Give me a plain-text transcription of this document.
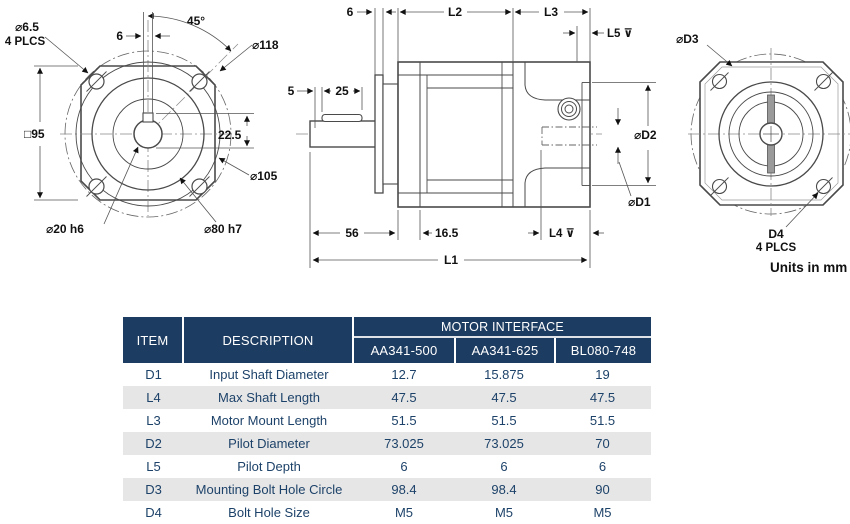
□95	22.5
⌀6.5
4 PLCS
45°
6
⌀118
⌀105
⌀20 h6	⌀80 h7
6	L2	L3
L5 ⊽
5	25
⌀D2
⌀D1
56	16.5	L4 ⊽
L1
⌀D3
D4
4 PLCS
Units in mm
ITEM	DESCRIPTION
MOTOR INTERFACE
AA341-500	AA341-625	BL080-748
D1	Input Shaft Diameter	12.7	15.875	19
L4	Max Shaft Length	47.5	47.5	47.5
L3	Motor Mount Length	51.5	51.5	51.5
D2	Pilot Diameter	73.025	73.025	70
L5	Pilot Depth	6	6	6
D3	Mounting Bolt Hole Circle	98.4	98.4	90
D4	Bolt Hole Size	M5	M5	M5
